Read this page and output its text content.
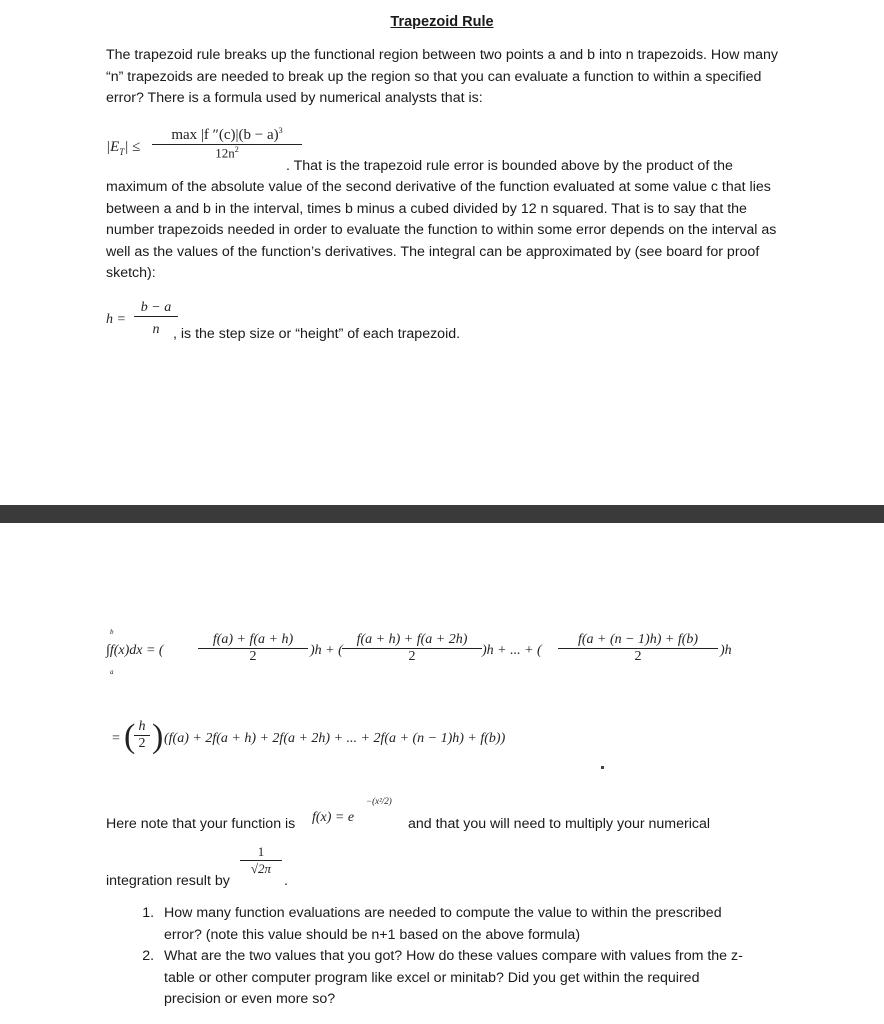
Trapezoid Rule
The trapezoid rule breaks up the functional region between two points a and b into n trapezoids. How many “n” trapezoids are needed to break up the region so that you can evaluate a function to within a specified error? There is a formula used by numerical analysts that is:
$|E_T|$ ≤
max |f $''(c)|(b - a)^3$
$12n^2$
. That is the trapezoid rule error is bounded above by the product of the
maximum of the absolute value of the second derivative of the function evaluated at some value c that lies between a and b in the interval, times b minus a cubed divided by 12 n squared. That is to say that the number trapezoids needed in order to evaluate the function to within some error depends on the interval as well as the values of the function’s derivatives. The integral can be approximated by (see board for proof sketch):
$h = \frac{b - a}{n}$
, is the step size or “height” of each trapezoid.
b
a
∫f(x)dx = ( $\frac{f(a) + f(a + h)}{2} )h$ + ( $\frac{f(a + h) + f(a + 2h)}{2} )h$ + ... + ( $\frac{f(a + (n - 1)h) + f(b)}{2} )h$
= (
$\frac{h}{2}$ ) (f(a) + 2f(a + h) + 2f(a + 2h) + ... + 2f(a + (n − 1)h) + f(b))
Here note that your function is f(x) = e
−(x²/2)
and that you will need to multiply your numerical
$\frac{1}{√2\pi}$
integration result by	.
1. How many function evaluations are needed to compute the value to within the prescribed error? (note this value should be n+1 based on the above formula)
2. What are the two values that you got? How do these values compare with values from the z-table or other computer program like excel or minitab? Did you get within the required precision or even more so?
